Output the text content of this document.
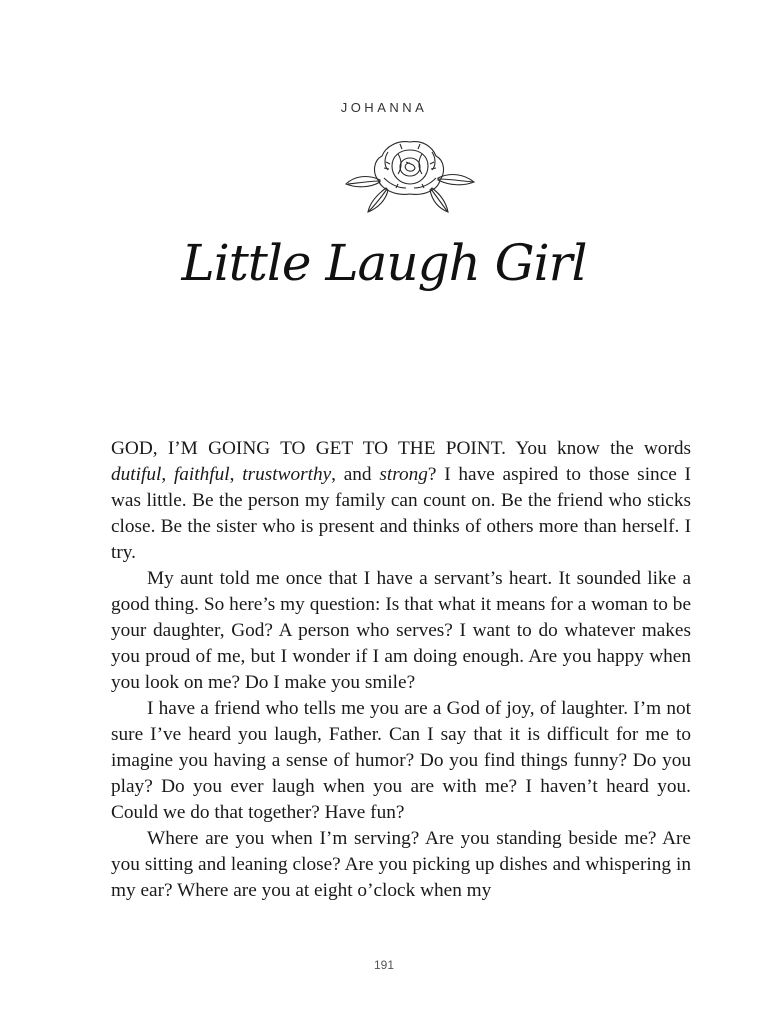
JOHANNA
Little Laugh Girl

GOD, I’M GOING TO GET TO THE POINT. You know the words dutiful, faithful, trustworthy, and strong? I have aspired to those since I was little. Be the person my family can count on. Be the friend who sticks close. Be the sister who is present and thinks of others more than herself. I try.

My aunt told me once that I have a servant’s heart. It sounded like a good thing. So here’s my question: Is that what it means for a woman to be your daughter, God? A person who serves? I want to do whatever makes you proud of me, but I wonder if I am doing enough. Are you happy when you look on me? Do I make you smile?

I have a friend who tells me you are a God of joy, of laughter. I’m not sure I’ve heard you laugh, Father. Can I say that it is difficult for me to imagine you having a sense of humor? Do you find things funny? Do you play? Do you ever laugh when you are with me? I haven’t heard you. Could we do that together? Have fun?

Where are you when I’m serving? Are you standing beside me? Are you sitting and leaning close? Are you picking up dishes and whispering in my ear? Where are you at eight o’clock when my

191
